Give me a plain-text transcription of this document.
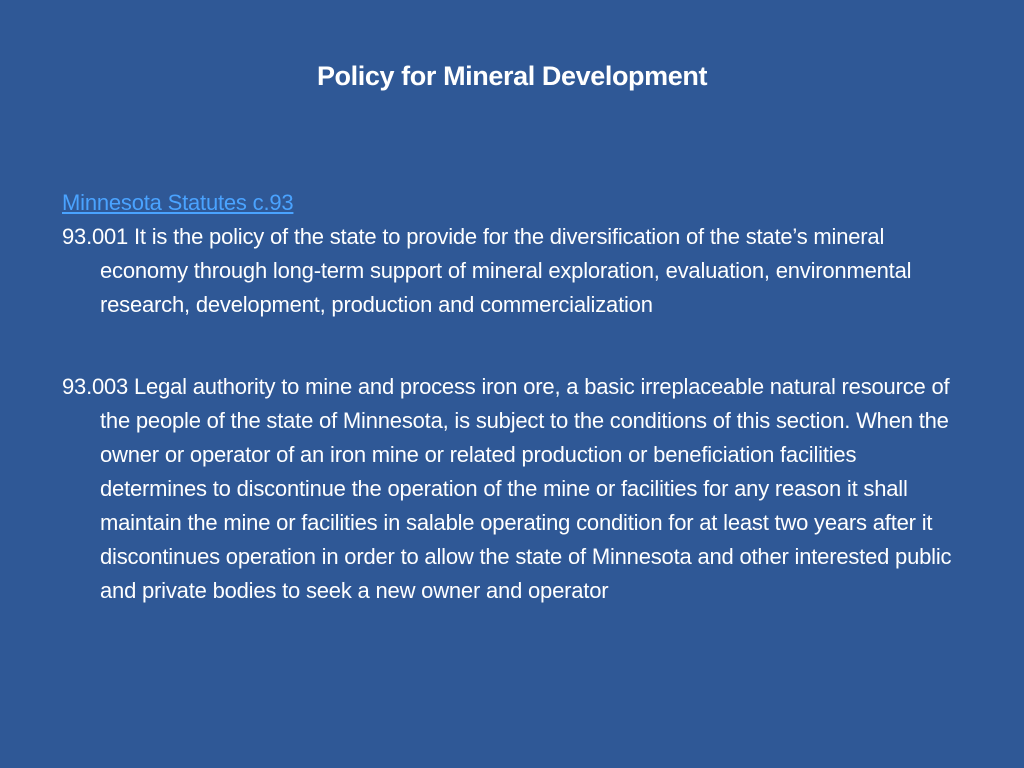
Policy for Mineral Development
Minnesota Statutes c.93

93.001 It is the policy of the state to provide for the diversification of the state’s mineral economy through long-term support of mineral exploration, evaluation, environmental research, development, production and commercialization

93.003 Legal authority to mine and process iron ore, a basic irreplaceable natural resource of the people of the state of Minnesota, is subject to the conditions of this section. When the owner or operator of an iron mine or related production or beneficiation facilities determines to discontinue the operation of the mine or facilities for any reason it shall maintain the mine or facilities in salable operating condition for at least two years after it discontinues operation in order to allow the state of Minnesota and other interested public and private bodies to seek a new owner and operator
